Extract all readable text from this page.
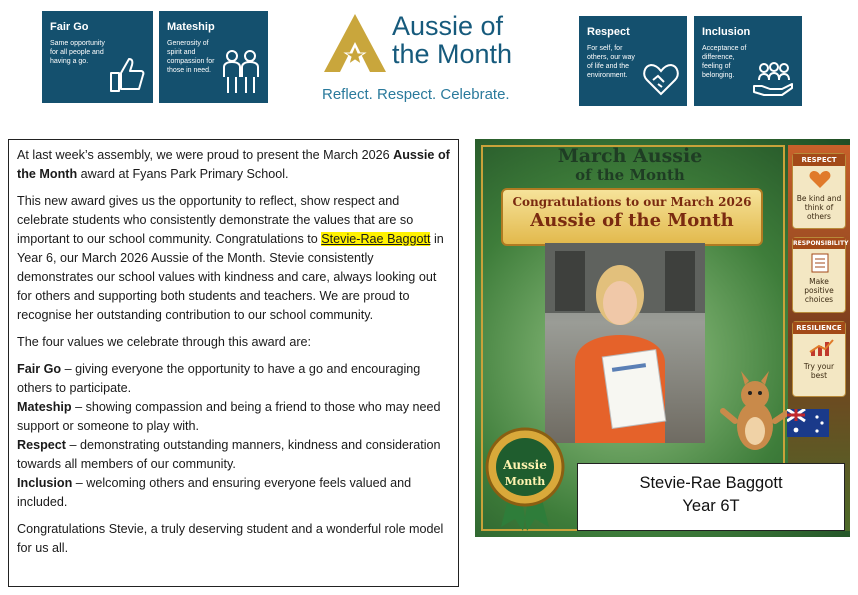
Fair Go
Same opportunity for all people and having a go.
Mateship
Generosity of spirit and compassion for those in need.
Respect
For self, for others, our way of life and the environment.
Inclusion
Acceptance of difference, feeling of belonging.
Aussie of
the Month
Reflect. Respect. Celebrate.

At last week’s assembly, we were proud to present the March 2026 Aussie of the Month award at Fyans Park Primary School.

This new award gives us the opportunity to reflect, show respect and celebrate students who consistently demonstrate the values that are so important to our school community. Congratulations to Stevie-Rae Baggott in Year 6, our March 2026 Aussie of the Month. Stevie consistently demonstrates our school values with kindness and care, always looking out for others and supporting both students and teachers. We are proud to recognise her outstanding contribution to our school community.

The four values we celebrate through this award are:

Fair Go – giving everyone the opportunity to have a go and encouraging others to participate.
Mateship – showing compassion and being a friend to those who may need support or someone to play with.
Respect – demonstrating outstanding manners, kindness and consideration towards all members of our community.
Inclusion – welcoming others and ensuring everyone feels valued and included.

Congratulations Stevie, a truly deserving student and a wonderful role model for us all.

March Aussie
of the Month
Congratulations to our March 2026
Aussie of the Month
RESPECT
Be kind and think of others
RESPONSIBILITY
Make positive choices
RESILIENCE
Try your best
Aussie
Month	Stevie-Rae Baggott
Year 6T
